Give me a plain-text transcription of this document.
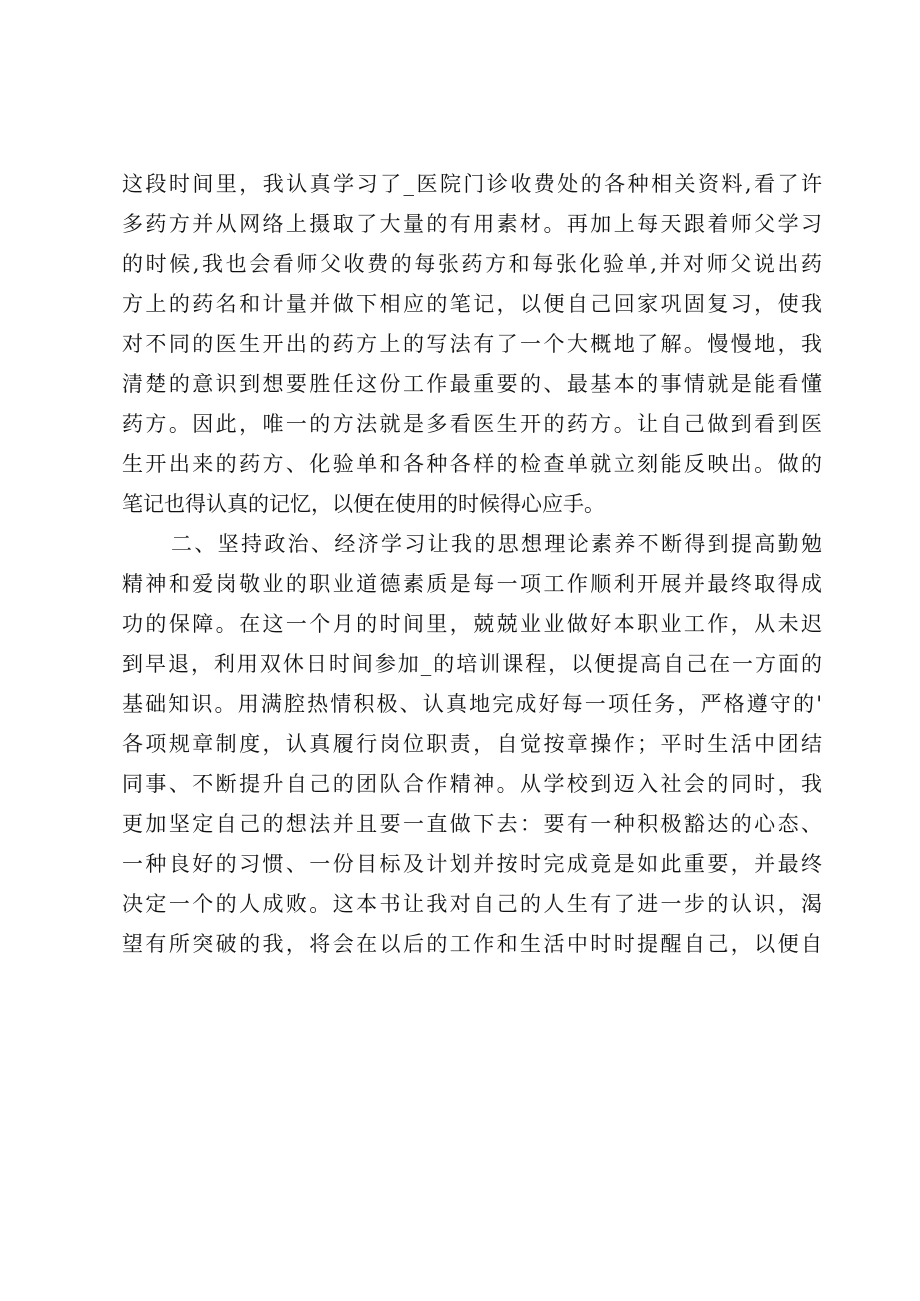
这段时间里，我认真学习了_医院门诊收费处的各种相关资料,看了许
多药方并从网络上摄取了大量的有用素材。再加上每天跟着师父学习
的时候,我也会看师父收费的每张药方和每张化验单,并对师父说出药
方上的药名和计量并做下相应的笔记，以便自己回家巩固复习，使我
对不同的医生开出的药方上的写法有了一个大概地了解。慢慢地，我
清楚的意识到想要胜任这份工作最重要的、最基本的事情就是能看懂
药方。因此，唯一的方法就是多看医生开的药方。让自己做到看到医
生开出来的药方、化验单和各种各样的检查单就立刻能反映出。做的
笔记也得认真的记忆，以便在使用的时候得心应手。
二、坚持政治、经济学习让我的思想理论素养不断得到提高勤勉
精神和爱岗敬业的职业道德素质是每一项工作顺利开展并最终取得成
功的保障。在这一个月的时间里，兢兢业业做好本职业工作，从未迟
到早退，利用双休日时间参加_的培训课程，以便提高自己在一方面的
基础知识。用满腔热情积极、认真地完成好每一项任务，严格遵守的'
各项规章制度，认真履行岗位职责，自觉按章操作；平时生活中团结
同事、不断提升自己的团队合作精神。从学校到迈入社会的同时，我
更加坚定自己的想法并且要一直做下去：要有一种积极豁达的心态、
一种良好的习惯、一份目标及计划并按时完成竟是如此重要，并最终
决定一个的人成败。这本书让我对自己的人生有了进一步的认识，渴
望有所突破的我，将会在以后的工作和生活中时时提醒自己，以便自
